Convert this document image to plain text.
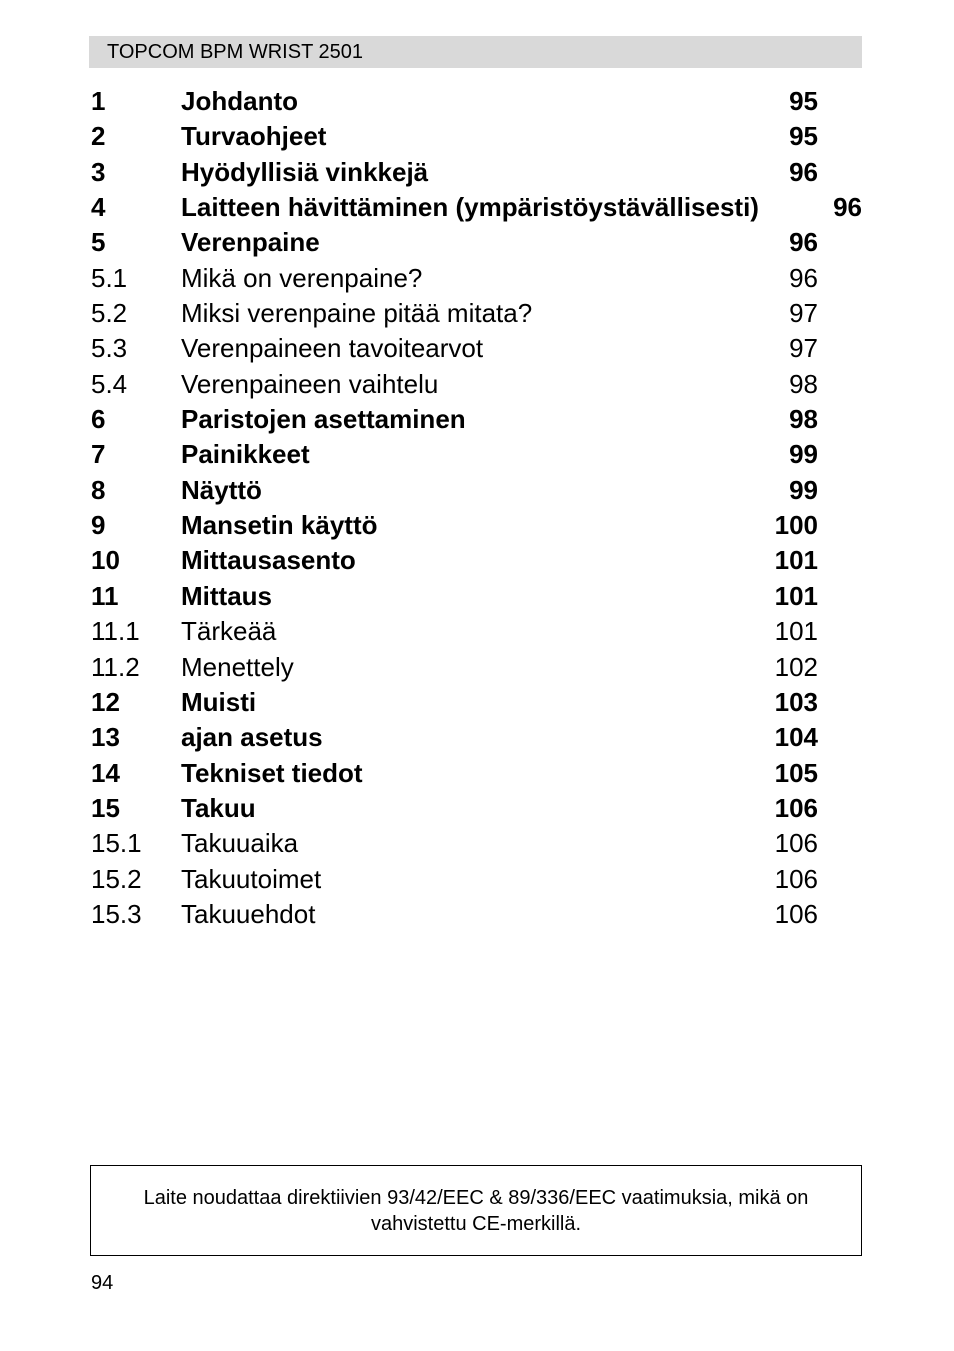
TOPCOM BPM WRIST 2501
1	Johdanto	95
2	Turvaohjeet	95
3	Hyödyllisiä vinkkejä	96
4	Laitteen hävittäminen (ympäristöystävällisesti)	96
5	Verenpaine	96
5.1 Mikä on verenpaine?	96
5.2 Miksi verenpaine pitää mitata?	97
5.3 Verenpaineen tavoitearvot	97
5.4 Verenpaineen vaihtelu	98
6	Paristojen asettaminen	98
7	Painikkeet	99
8	Näyttö	99
9	Mansetin käyttö	100
10 Mittausasento	101
11 Mittaus	101
11.1 Tärkeää	101
11.2 Menettely	102
12 Muisti	103
13 ajan asetus	104
14 Tekniset tiedot	105
15 Takuu	106
15.1 Takuuaika	106
15.2 Takuutoimet	106
15.3 Takuuehdot	106
Laite noudattaa direktiivien 93/42/EEC & 89/336/EEC vaatimuksia, mikä on vahvistettu CE-merkillä.
94
